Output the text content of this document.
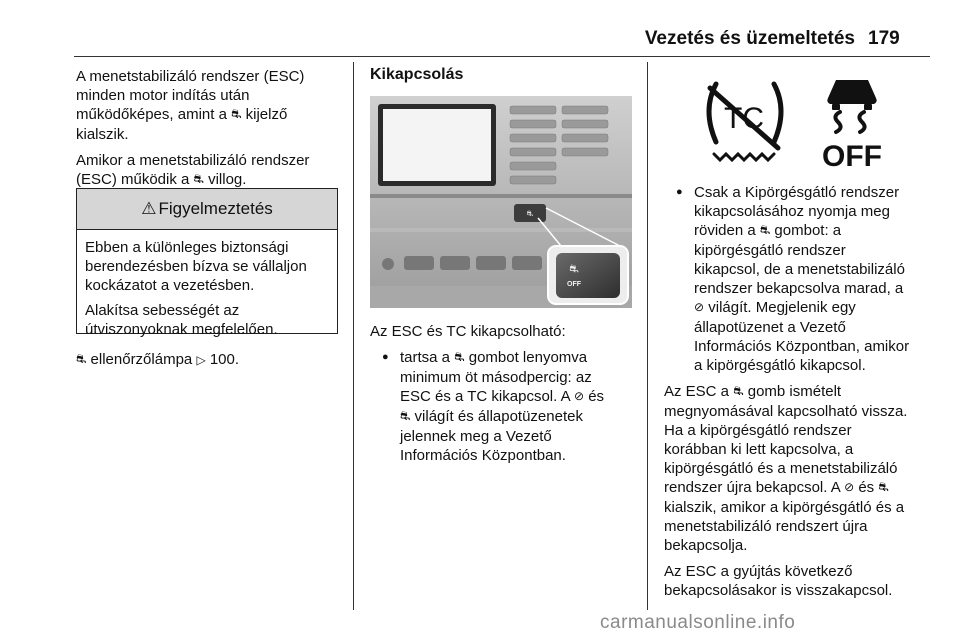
Vezetés és üzemeltetés 179

A menetstabilizáló rendszer (ESC)
minden motor indítás után
működőképes, amint a ⛐ kijelző
kialszik.

Amikor a menetstabilizáló rendszer
(ESC) működik a ⛐ villog.

⚠ Figyelmeztetés

Ebben a különleges biztonsági
berendezésben bízva se vállaljon
kockázatot a vezetésben.

Alakítsa sebességét az
útviszonyoknak megfelelően.

⛐ ellenőrzőlámpa ▷ 100.
Kikapcsolás
⛐
⛐
OFF

Az ESC és TC kikapcsolható:

● tartsa a ⛐ gombot lenyomva
minimum öt másodpercig: az
ESC és a TC kikapcsol. A ⊘ és
⛐ világít és állapotüzenetek
jelennek meg a Vezető
Információs Központban.
TC
OFF
● Csak a Kipörgésgátló rendszer
kikapcsolásához nyomja meg
röviden a ⛐ gombot: a
kipörgésgátló rendszer
kikapcsol, de a menetstabilizáló
rendszer bekapcsolva marad, a
⊘ világít. Megjelenik egy
állapotüzenet a Vezető
Információs Központban, amikor
a kipörgésgátló kikapcsol.

Az ESC a ⛐ gomb ismételt
megnyomásával kapcsolható vissza.
Ha a kipörgésgátló rendszer
korábban ki lett kapcsolva, a
kipörgésgátló és a menetstabilizáló
rendszer újra bekapcsol. A ⊘ és ⛐
kialszik, amikor a kipörgésgátló és a
menetstabilizáló rendszert újra
bekapcsolja.

Az ESC a gyújtás következő
bekapcsolásakor is visszakapcsol.

carmanualsonline.info
